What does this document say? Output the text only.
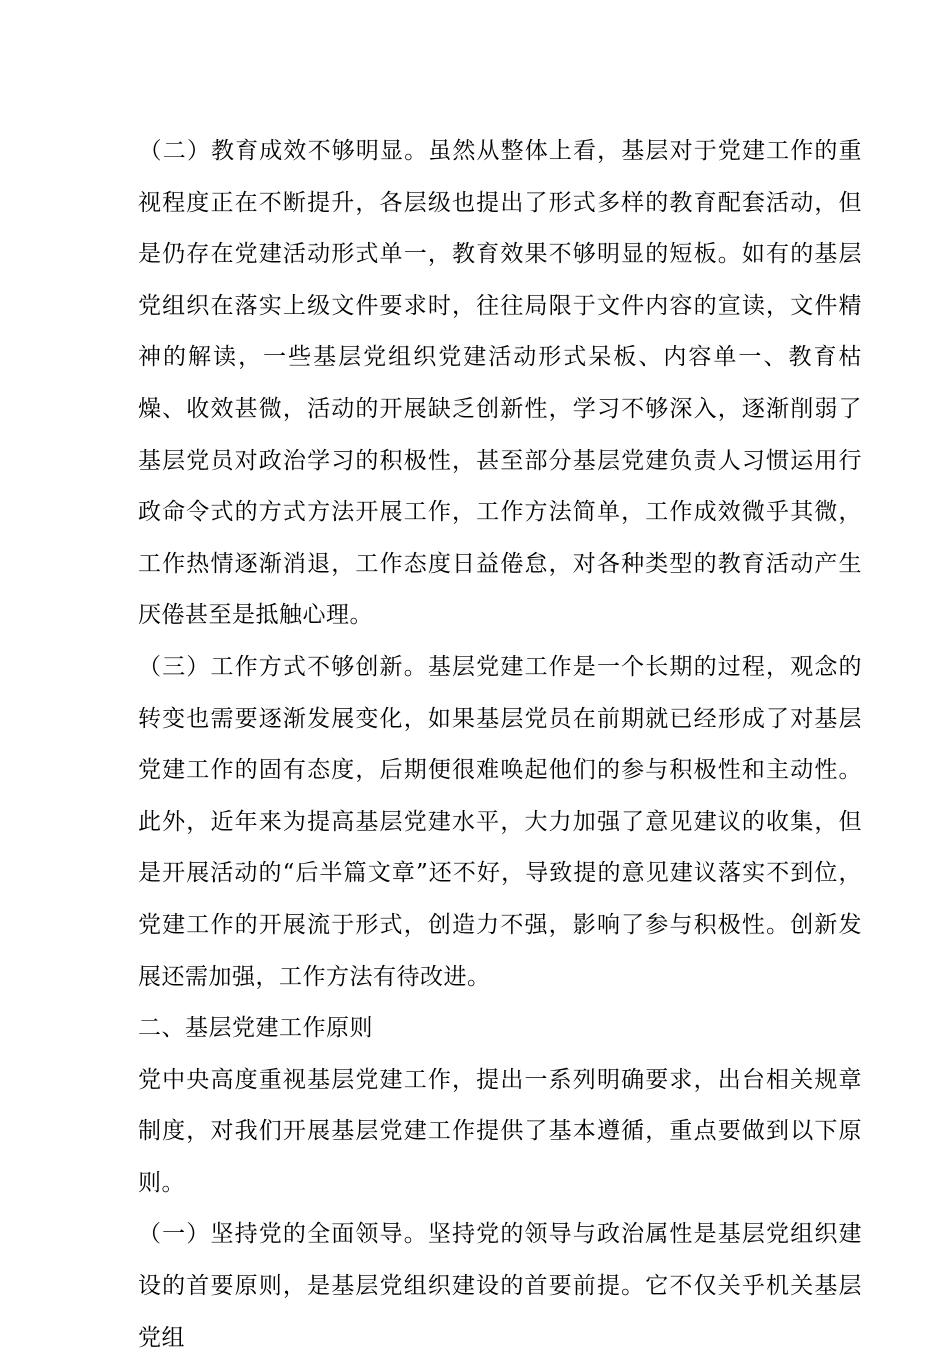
（二）教育成效不够明显。虽然从整体上看，基层对于党建工作的重视程度正在不断提升，各层级也提出了形式多样的教育配套活动，但是仍存在党建活动形式单一，教育效果不够明显的短板。如有的基层党组织在落实上级文件要求时，往往局限于文件内容的宣读，文件精神的解读，一些基层党组织党建活动形式呆板、内容单一、教育枯燥、收效甚微，活动的开展缺乏创新性，学习不够深入，逐渐削弱了基层党员对政治学习的积极性，甚至部分基层党建负责人习惯运用行政命令式的方式方法开展工作，工作方法简单，工作成效微乎其微，工作热情逐渐消退，工作态度日益倦怠，对各种类型的教育活动产生厌倦甚至是抵触心理。

（三）工作方式不够创新。基层党建工作是一个长期的过程，观念的转变也需要逐渐发展变化，如果基层党员在前期就已经形成了对基层党建工作的固有态度，后期便很难唤起他们的参与积极性和主动性。此外，近年来为提高基层党建水平，大力加强了意见建议的收集，但是开展活动的“后半篇文章”还不好，导致提的意见建议落实不到位，党建工作的开展流于形式，创造力不强，影响了参与积极性。创新发展还需加强，工作方法有待改进。

二、基层党建工作原则

党中央高度重视基层党建工作，提出一系列明确要求，出台相关规章制度，对我们开展基层党建工作提供了基本遵循，重点要做到以下原则。

（一）坚持党的全面领导。坚持党的领导与政治属性是基层党组织建设的首要原则，是基层党组织建设的首要前提。它不仅关乎机关基层党组
